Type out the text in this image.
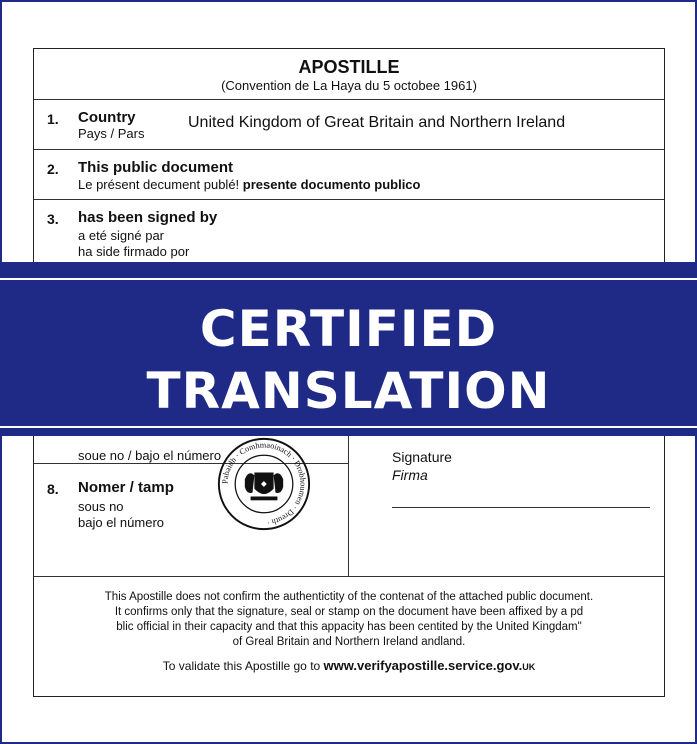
APOSTILLE
(Convention de La Haya du 5 octobee 1961)
1. Country
Pays / Pars
United Kingdom of Great Britain and Northern Ireland
2. This public document
Le présent decument publé! presente documento publico
3. has been signed by
a eté signé par
ha side firmado por
CERTIFIED
TRANSLATION
soue no / bajo el número
8. Nomer / tamp
sous no
bajo el número
Pabaidh · Comhmaoinach · Drobhoumen · Dreuth ·
◆
Signature
Firma
This Apostille does not confirm the authentictity of the contenat of the attached public document.
It confirms only that the signature, seal or stamp on the document have been affixed by a pd
blic official in their capacity and that this appacity has been centited by the United Kingdam"
of Greal Britain and Northern Ireland andland.
To validate this Apostille go to www.verifyapostille.service.gov.UK
